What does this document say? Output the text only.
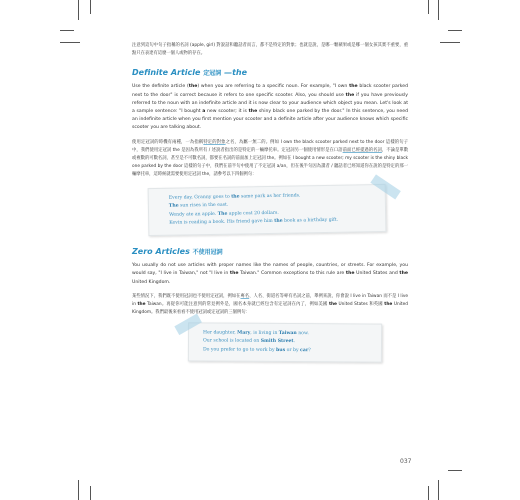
注意到這句中句子指稱的名詞 (apple, girl) 對說話和聽話者而言，都不是特定的對象；也就是說，是哪一顆蘋果或是哪一個女孩其實不重要，重點只在表達有這麼一個人或物的存在。

Definite Article 定冠詞 —the

Use the definite article (the) when you are referring to a specific noun. For example, "I own the black scooter parked next to the door" is correct because it refers to one specific scooter. Also, you should use the if you have previously referred to the noun with an indefinite article and it is now clear to your audience which object you mean. Let's look at a sample sentence: "I bought a new scooter; it is the shiny black one parked by the door." In this sentence, you need an indefinite article when you first mention your scooter and a definite article after your audience knows which specific scooter you are talking about.

使用定冠詞的時機有兩種，一為指稱特定的對象之名，為屬一無二的。例如 I own the black scooter parked next to the door 這樣的句子中，我們使用定冠詞 the 是因為我所有 / 述說者指出的是特定的一輛摩托車。定冠詞另一個使用情形是在口語前面已經提過的名詞，不論是單數或複數的可數名詞，甚至是不可數名詞，都要在名詞的前面加上定冠詞 the。例如在 I bought a new scooter; my scooter is the shiny black one parked by the door 這樣的句子中，我們在前半句中使用了不定冠詞 a/an，但在後半句因為讀者 / 聽話者已經知道你在說的是特定的那一輛摩托車，這時候就需要使用定冠詞 the，請參考以下四個例句：

Every day, Granny goes to the same park as her friends.

The sun rises in the east.

Wendy ate an apple. The apple cost 20 dollars.

Kevin is reading a book. His friend gave him the book as a birthday gift.

Zero Articles 不使用冠詞

You usually do not use articles with proper names like the names of people, countries, or streets. For example, you would say, "I live in Taiwan," not "I live in the Taiwan." Common exceptions to this rule are the United States and the United Kingdom.

某些情況下，我們既不使用冠詞也不使用定冠詞，例如在專名、人名、街道名等專有名詞之前，舉例來說，你會說 I live in Taiwan 而不是 I live in the Taiwan。再從你可能注意到的常見例外是，國名本身就已經包含有定冠詞在內了，例如美國 the United States 和英國 the United Kingdom。我們最後來看看不使用冠詞或定冠詞的三個例句：

Her daughter, Mary, is living in Taiwan now.

Our school is located on Smith Street.

Do you prefer to go to work by bus or by car?

037
